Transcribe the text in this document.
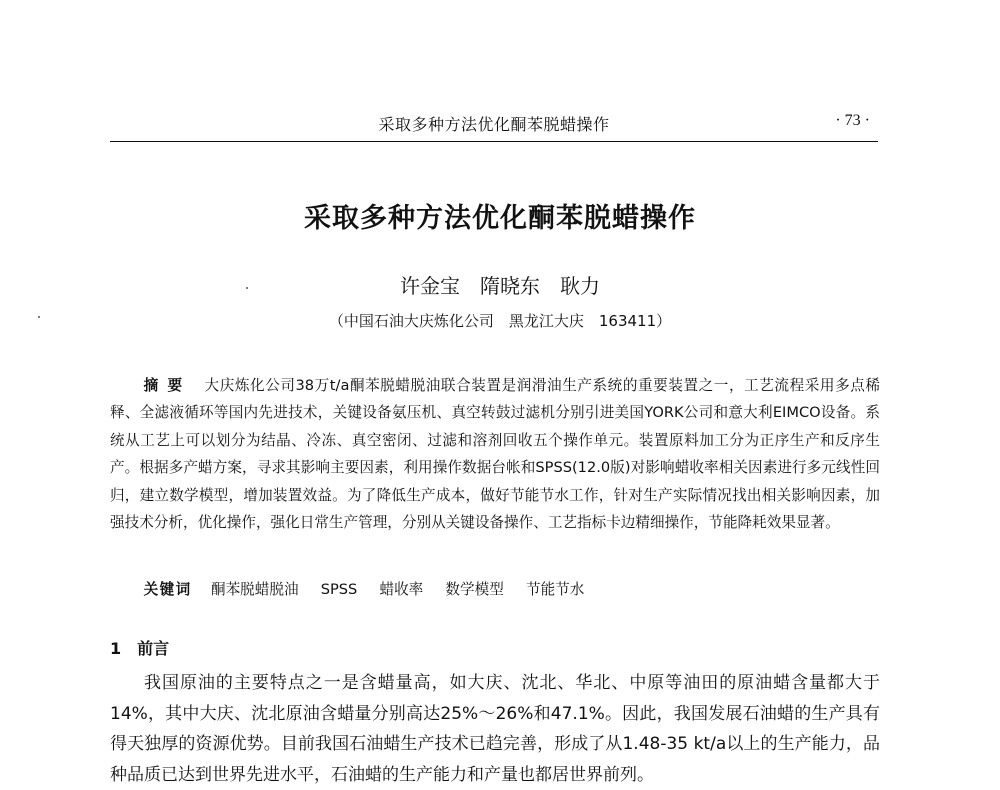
采取多种方法优化酮苯脱蜡操作	· 73 ·
采取多种方法优化酮苯脱蜡操作
许金宝　隋晓东　耿力
（中国石油大庆炼化公司　黑龙江大庆　163411）
摘要 大庆炼化公司38万t/a酮苯脱蜡脱油联合装置是润滑油生产系统的重要装置之一，工艺流程采用多点稀释、全滤液循环等国内先进技术，关键设备氨压机、真空转鼓过滤机分别引进美国YORK公司和意大利EIMCO设备。系统从工艺上可以划分为结晶、冷冻、真空密闭、过滤和溶剂回收五个操作单元。装置原料加工分为正序生产和反序生产。根据多产蜡方案，寻求其影响主要因素，利用操作数据台帐和SPSS(12.0版)对影响蜡收率相关因素进行多元线性回归，建立数学模型，增加装置效益。为了降低生产成本，做好节能节水工作，针对生产实际情况找出相关影响因素，加强技术分析，优化操作，强化日常生产管理，分别从关键设备操作、工艺指标卡边精细操作，节能降耗效果显著。
关键词 酮苯脱蜡脱油 SPSS 蜡收率 数学模型 节能节水
1 前言
我国原油的主要特点之一是含蜡量高，如大庆、沈北、华北、中原等油田的原油蜡含量都大于14%，其中大庆、沈北原油含蜡量分别高达25%～26%和47.1%。因此，我国发展石油蜡的生产具有得天独厚的资源优势。目前我国石油蜡生产技术已趋完善，形成了从1.48-35 kt/a以上的生产能力，品种品质已达到世界先进水平，石油蜡的生产能力和产量也都居世界前列。
